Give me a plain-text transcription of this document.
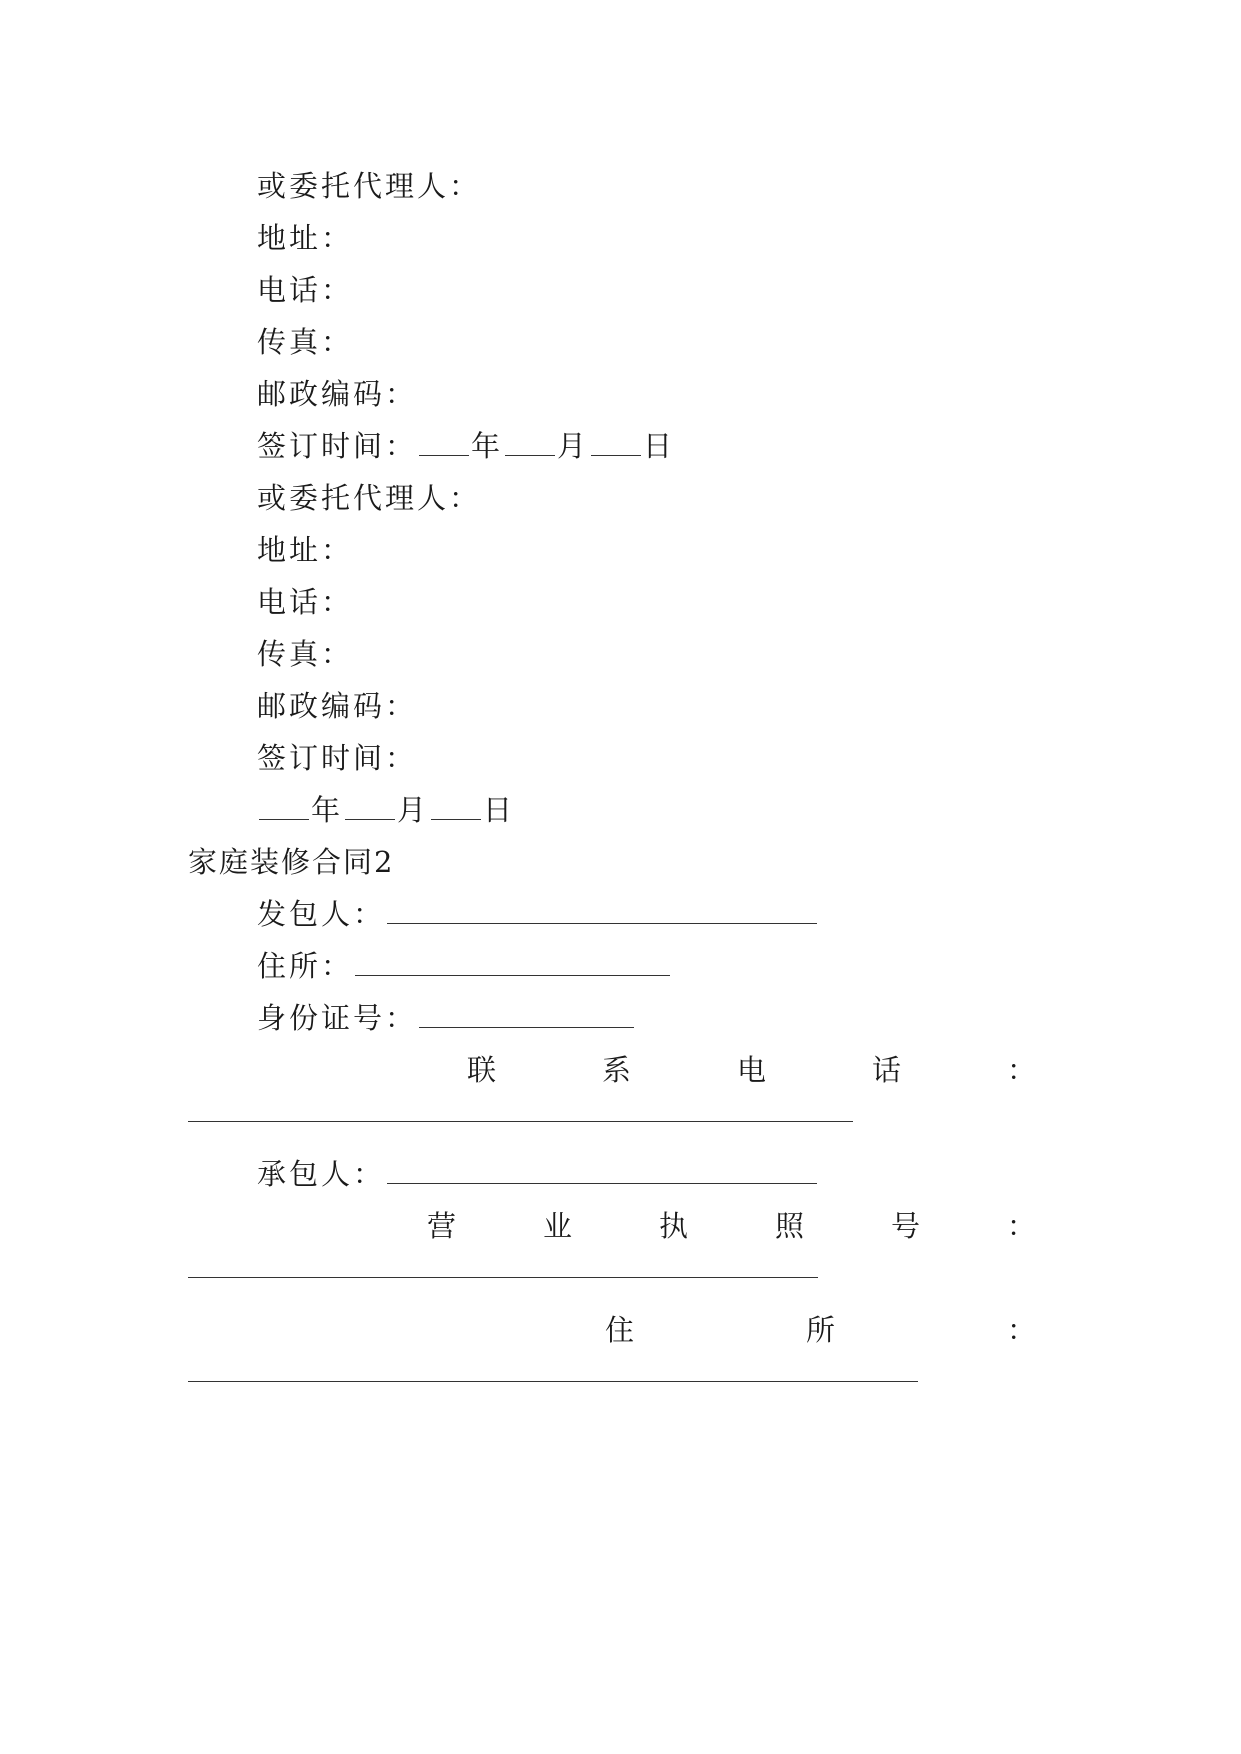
或委托代理人：
地址：
电话：
传真：
邮政编码：
签订时间： 年 月 日
或委托代理人：
地址：
电话：
传真：
邮政编码：
签订时间：
年 月 日
家庭装修合同2
发包人：
住所：
身份证号：
联	系	电	话	：
承包人：
营	业	执	照	号	：
住	所	：
